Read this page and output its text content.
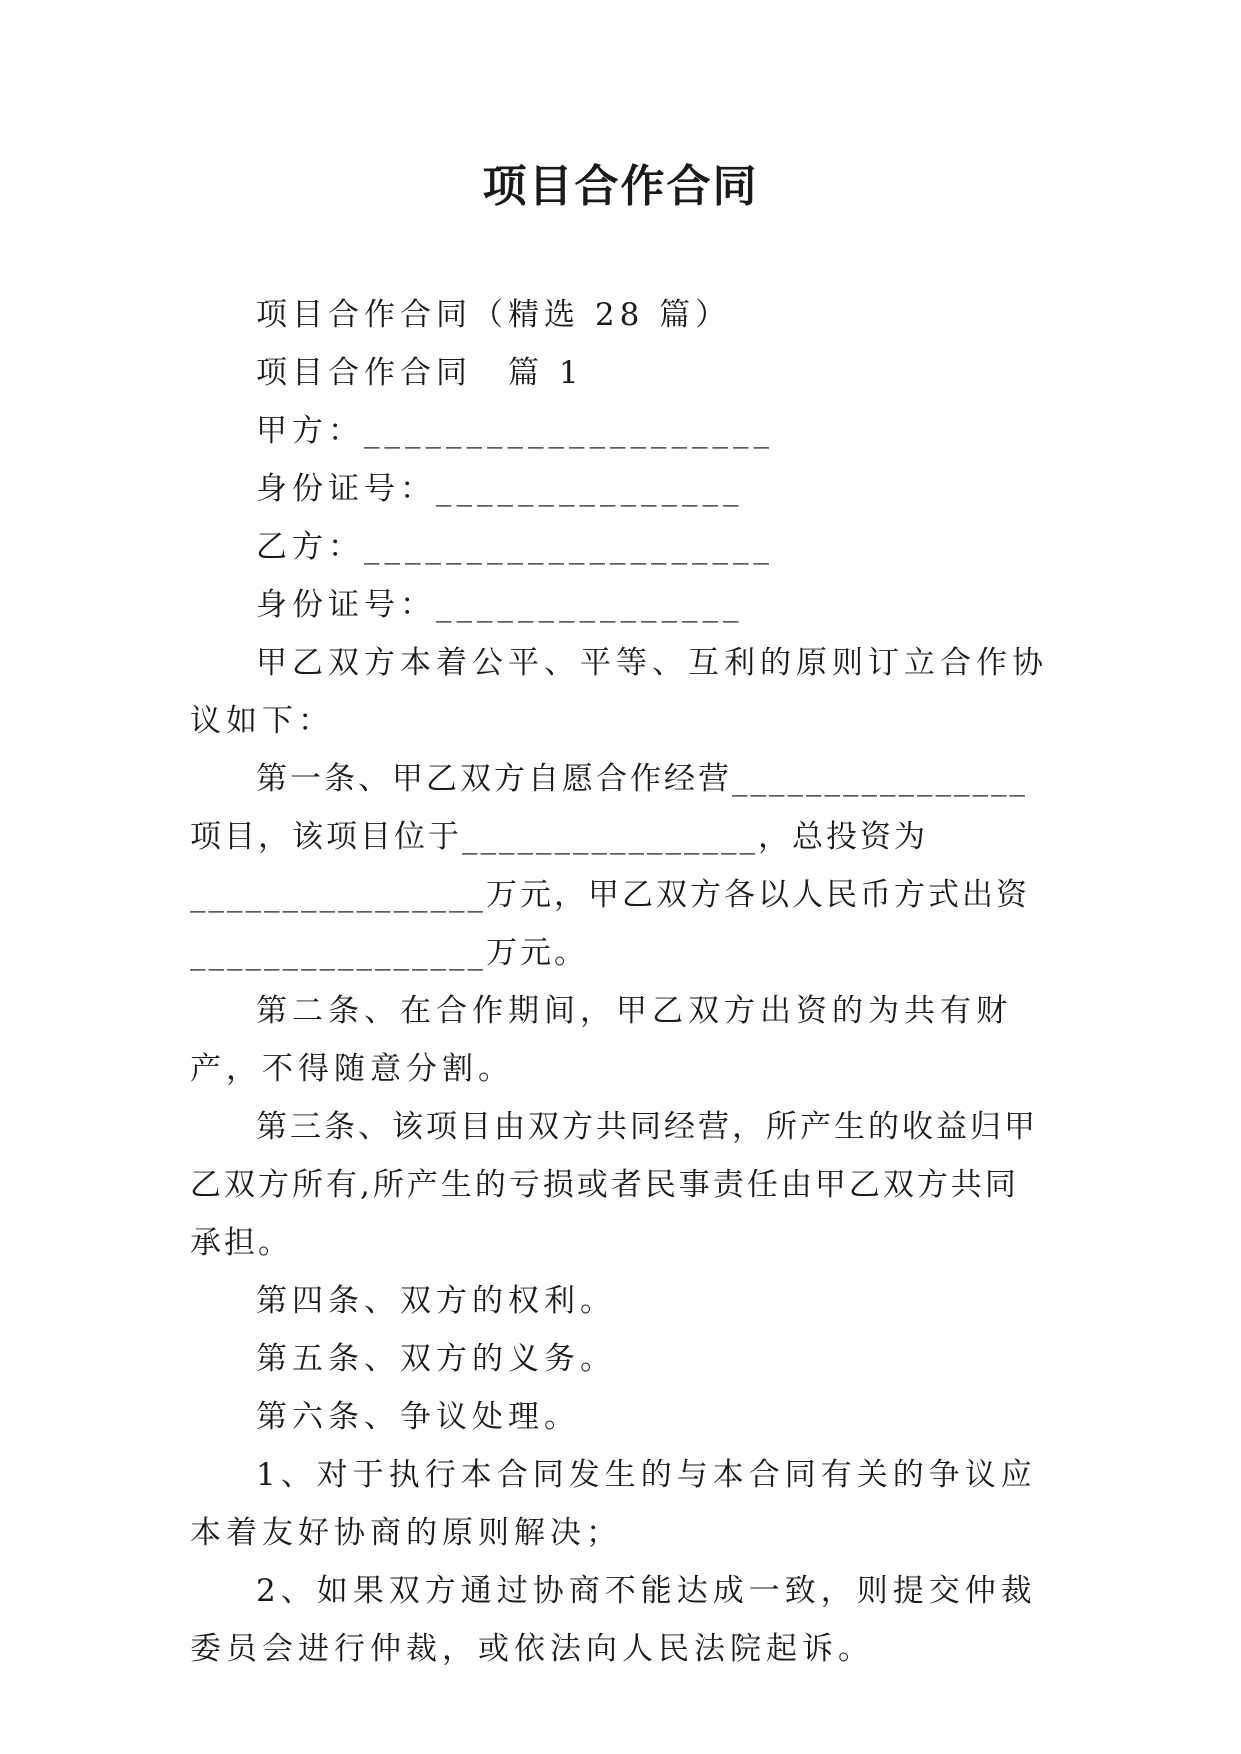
项目合作合同

项目合作合同（精选 28 篇）

项目合作合同　篇 1

甲方：____________________

身份证号：_______________

乙方：____________________

身份证号：_______________

甲乙双方本着公平、平等、互利的原则订立合作协议如下：

第一条、甲乙双方自愿合作经营________________项目，该项目位于________________，总投资为________________万元，甲乙双方各以人民币方式出资________________万元。

第二条、在合作期间，甲乙双方出资的为共有财产，不得随意分割。

第三条、该项目由双方共同经营，所产生的收益归甲乙双方所有,所产生的亏损或者民事责任由甲乙双方共同承担。

第四条、双方的权利。

第五条、双方的义务。

第六条、争议处理。

1、对于执行本合同发生的与本合同有关的争议应本着友好协商的原则解决；

2、如果双方通过协商不能达成一致，则提交仲裁委员会进行仲裁，或依法向人民法院起诉。
